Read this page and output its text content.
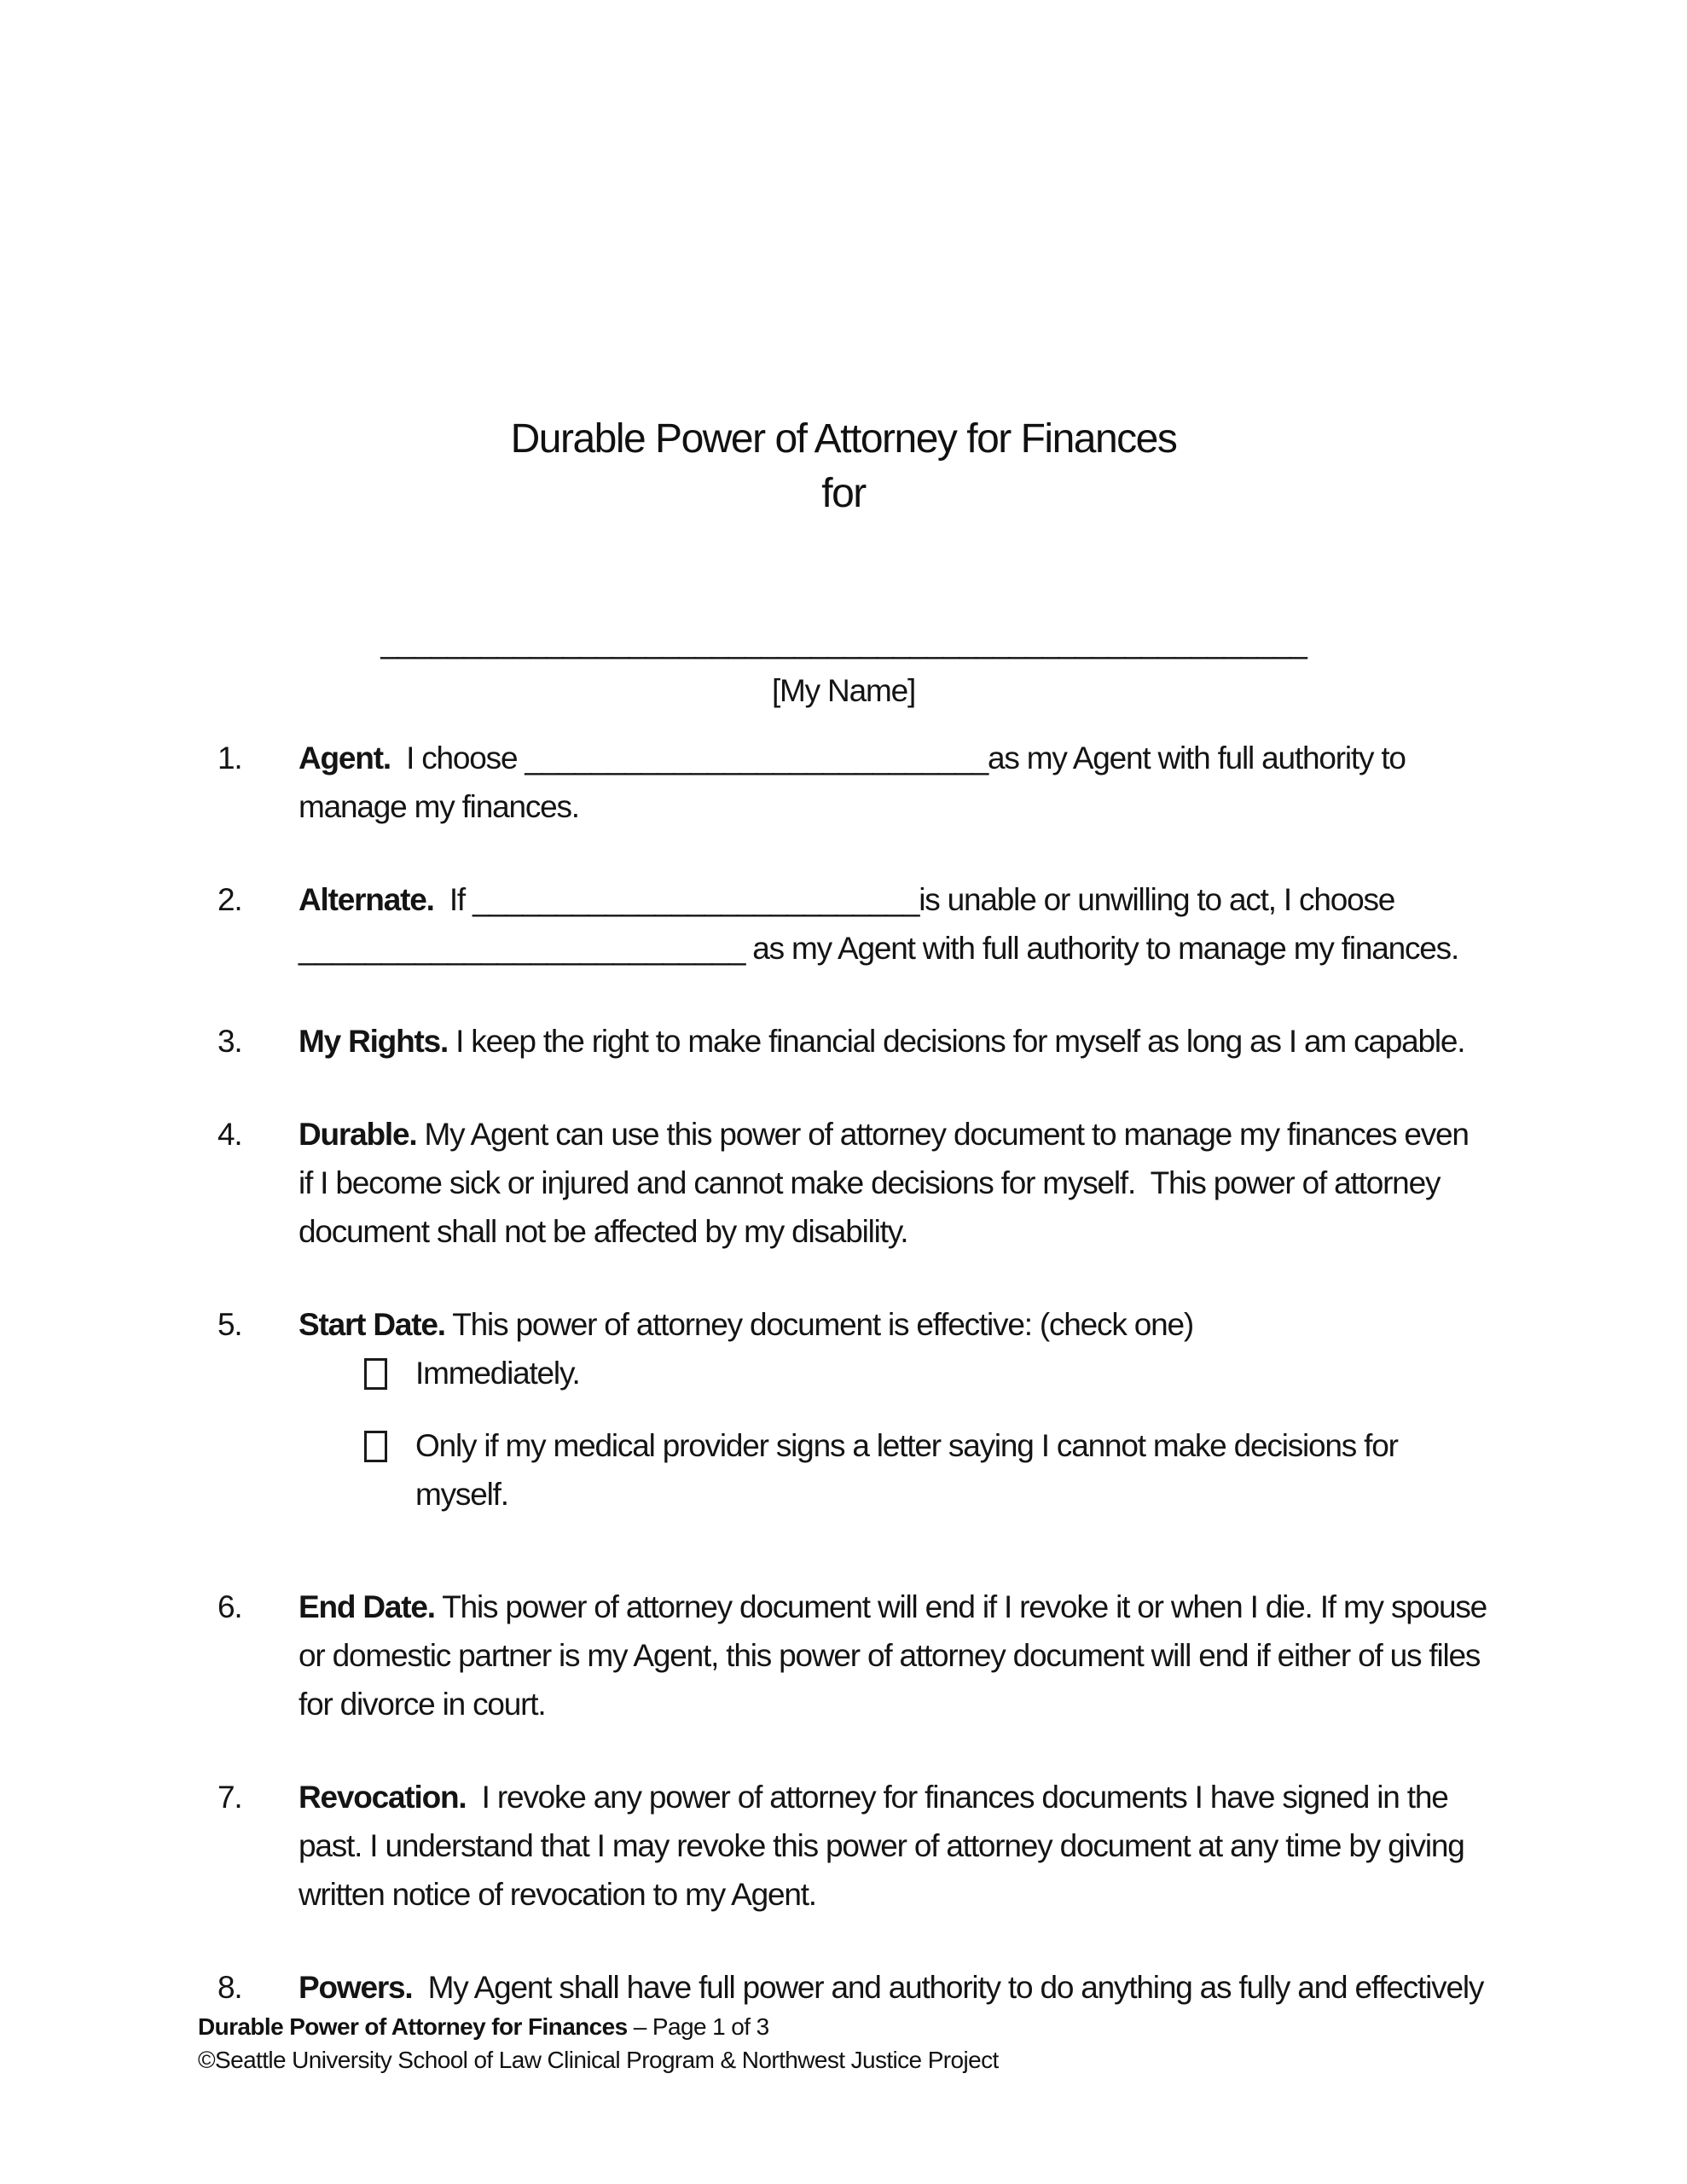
Durable Power of Attorney for Finances
for
________________________________________________________
[My Name]
1.	Agent.  I choose ____________________________as my Agent with full authority to manage my finances.
2.	Alternate.  If ___________________________is unable or unwilling to act, I choose ___________________________ as my Agent with full authority to manage my finances.
3.	My Rights. I keep the right to make financial decisions for myself as long as I am capable.
4.	Durable. My Agent can use this power of attorney document to manage my finances even if I become sick or injured and cannot make decisions for myself.  This power of attorney document shall not be affected by my disability.
5.	Start Date. This power of attorney document is effective: (check one)
Immediately.
Only if my medical provider signs a letter saying I cannot make decisions for myself.
6.	End Date. This power of attorney document will end if I revoke it or when I die. If my spouse or domestic partner is my Agent, this power of attorney document will end if either of us files for divorce in court.
7.	Revocation.  I revoke any power of attorney for finances documents I have signed in the past. I understand that I may revoke this power of attorney document at any time by giving written notice of revocation to my Agent.
8.	Powers.  My Agent shall have full power and authority to do anything as fully and effectively
Durable Power of Attorney for Finances – Page 1 of 3
©Seattle University School of Law Clinical Program & Northwest Justice Project
